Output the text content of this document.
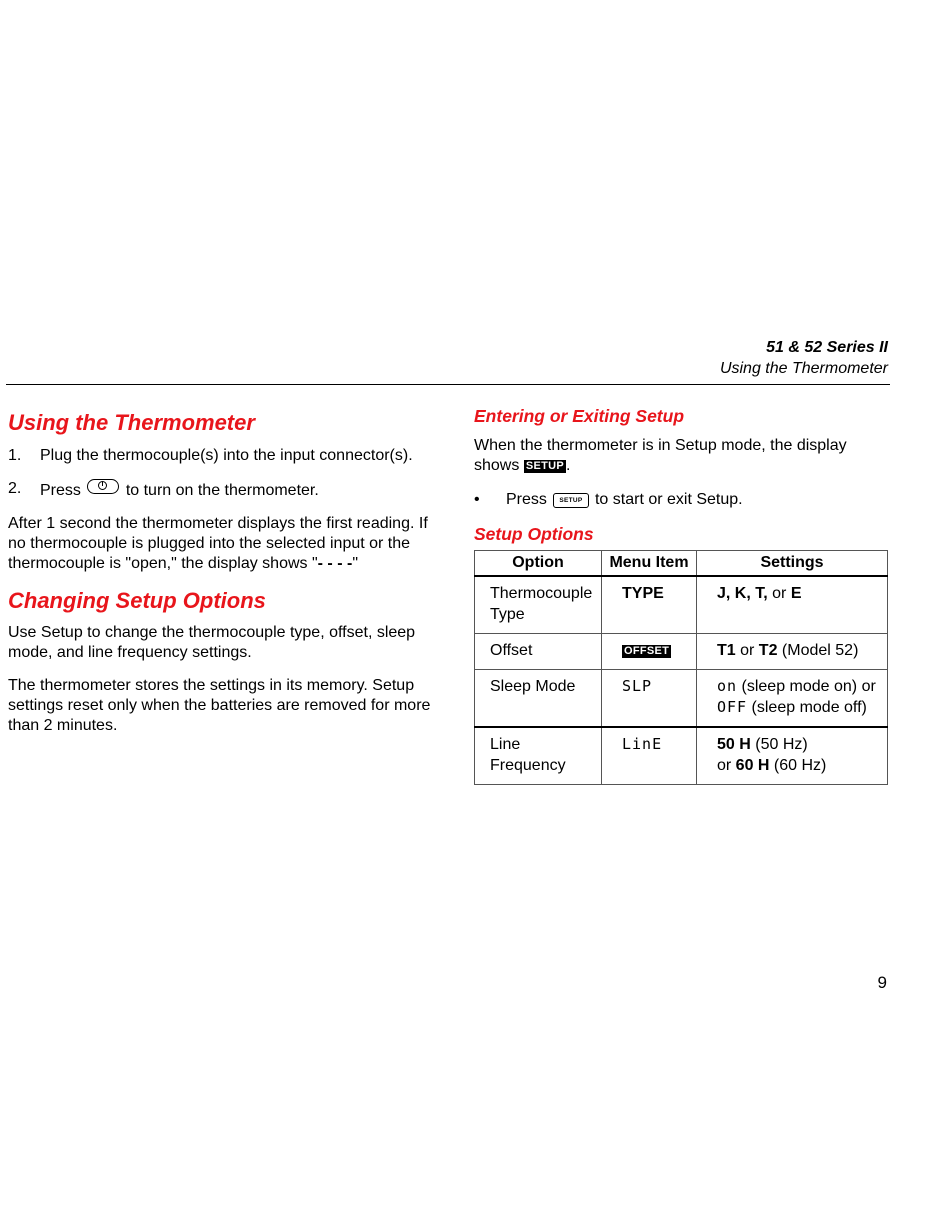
51 & 52 Series II
Using the Thermometer
Using the Thermometer
1.	Plug the thermocouple(s) into the input connector(s).
2.	Press	to turn on the thermometer.

After 1 second the thermometer displays the first reading. If no thermocouple is plugged into the selected input or the thermocouple is "open," the display shows "- - - -"

Changing Setup Options

Use Setup to change the thermocouple type, offset, sleep mode, and line frequency settings.

The thermometer stores the settings in its memory. Setup settings reset only when the batteries are removed for more than 2 minutes.

Entering or Exiting Setup

When the thermometer is in Setup mode, the display shows SETUP .

•	Press SETUP to start or exit Setup.
Setup Options
Option	Menu Item	Settings
Thermocouple Type	TYPE	J, K, T, or E
Offset	OFFSET	T1 or T2 (Model 52)
Sleep Mode	SLP	on (sleep mode on) or OFF (sleep mode off)
Line Frequency	LinE	50 H (50 Hz)
or 60 H (60 Hz)
9
